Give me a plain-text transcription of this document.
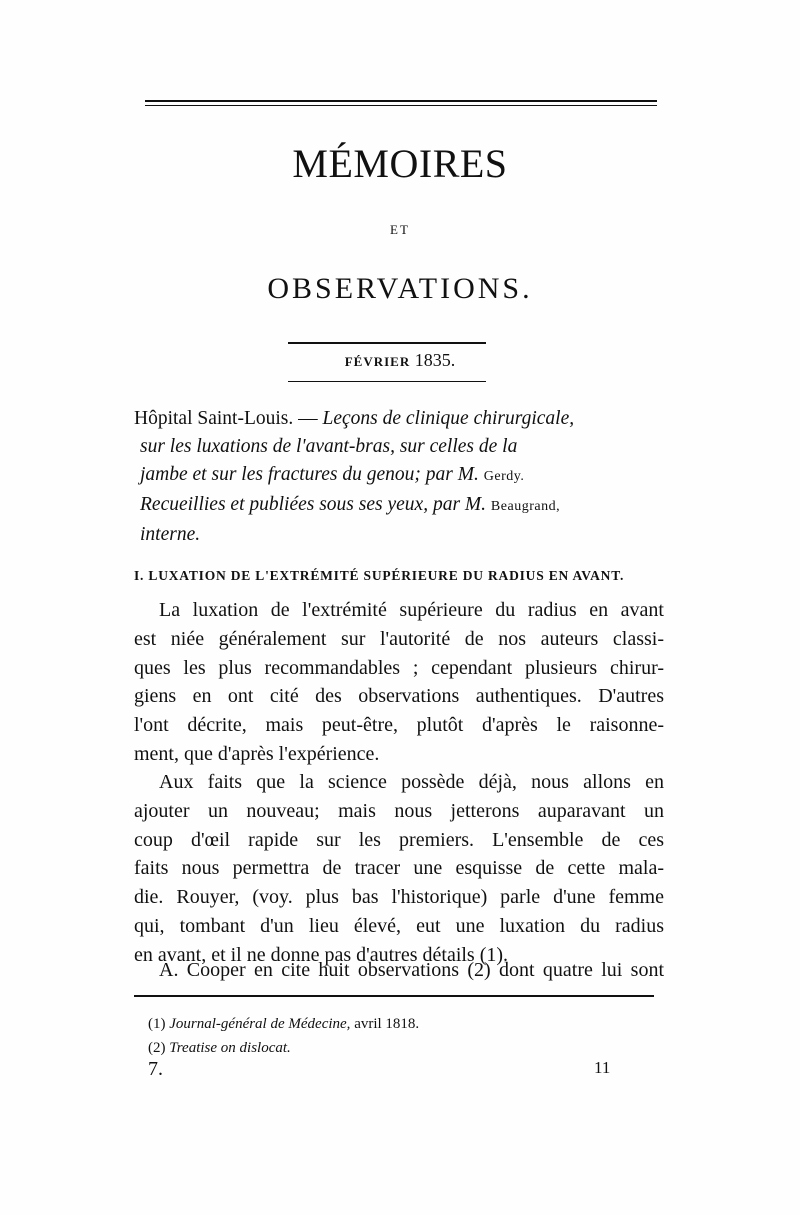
MÉMOIRES
ET
OBSERVATIONS.
FÉVRIER 1835.
Hôpital Saint-Louis. — Leçons de clinique chirurgicale,
sur les luxations de l'avant-bras, sur celles de la
jambe et sur les fractures du genou; par M. Gerdy.
Recueillies et publiées sous ses yeux, par M. Beaugrand,
interne.
I. LUXATION DE L'EXTRÉMITÉ SUPÉRIEURE DU RADIUS EN AVANT.
La luxation de l'extrémité supérieure du radius en avant
est niée généralement sur l'autorité de nos auteurs classi-
ques les plus recommandables ; cependant plusieurs chirur-
giens en ont cité des observations authentiques. D'autres
l'ont décrite, mais peut-être, plutôt d'après le raisonne-
ment, que d'après l'expérience.
Aux faits que la science possède déjà, nous allons en
ajouter un nouveau; mais nous jetterons auparavant un
coup d'œil rapide sur les premiers. L'ensemble de ces
faits nous permettra de tracer une esquisse de cette mala-
die. Rouyer, (voy. plus bas l'historique) parle d'une femme
qui, tombant d'un lieu élevé, eut une luxation du radius
en avant, et il ne donne pas d'autres détails (1).
A. Cooper en cite huit observations (2) dont quatre lui sont
(1) Journal-général de Médecine, avril 1818.
(2) Treatise on dislocat.
7.	11
